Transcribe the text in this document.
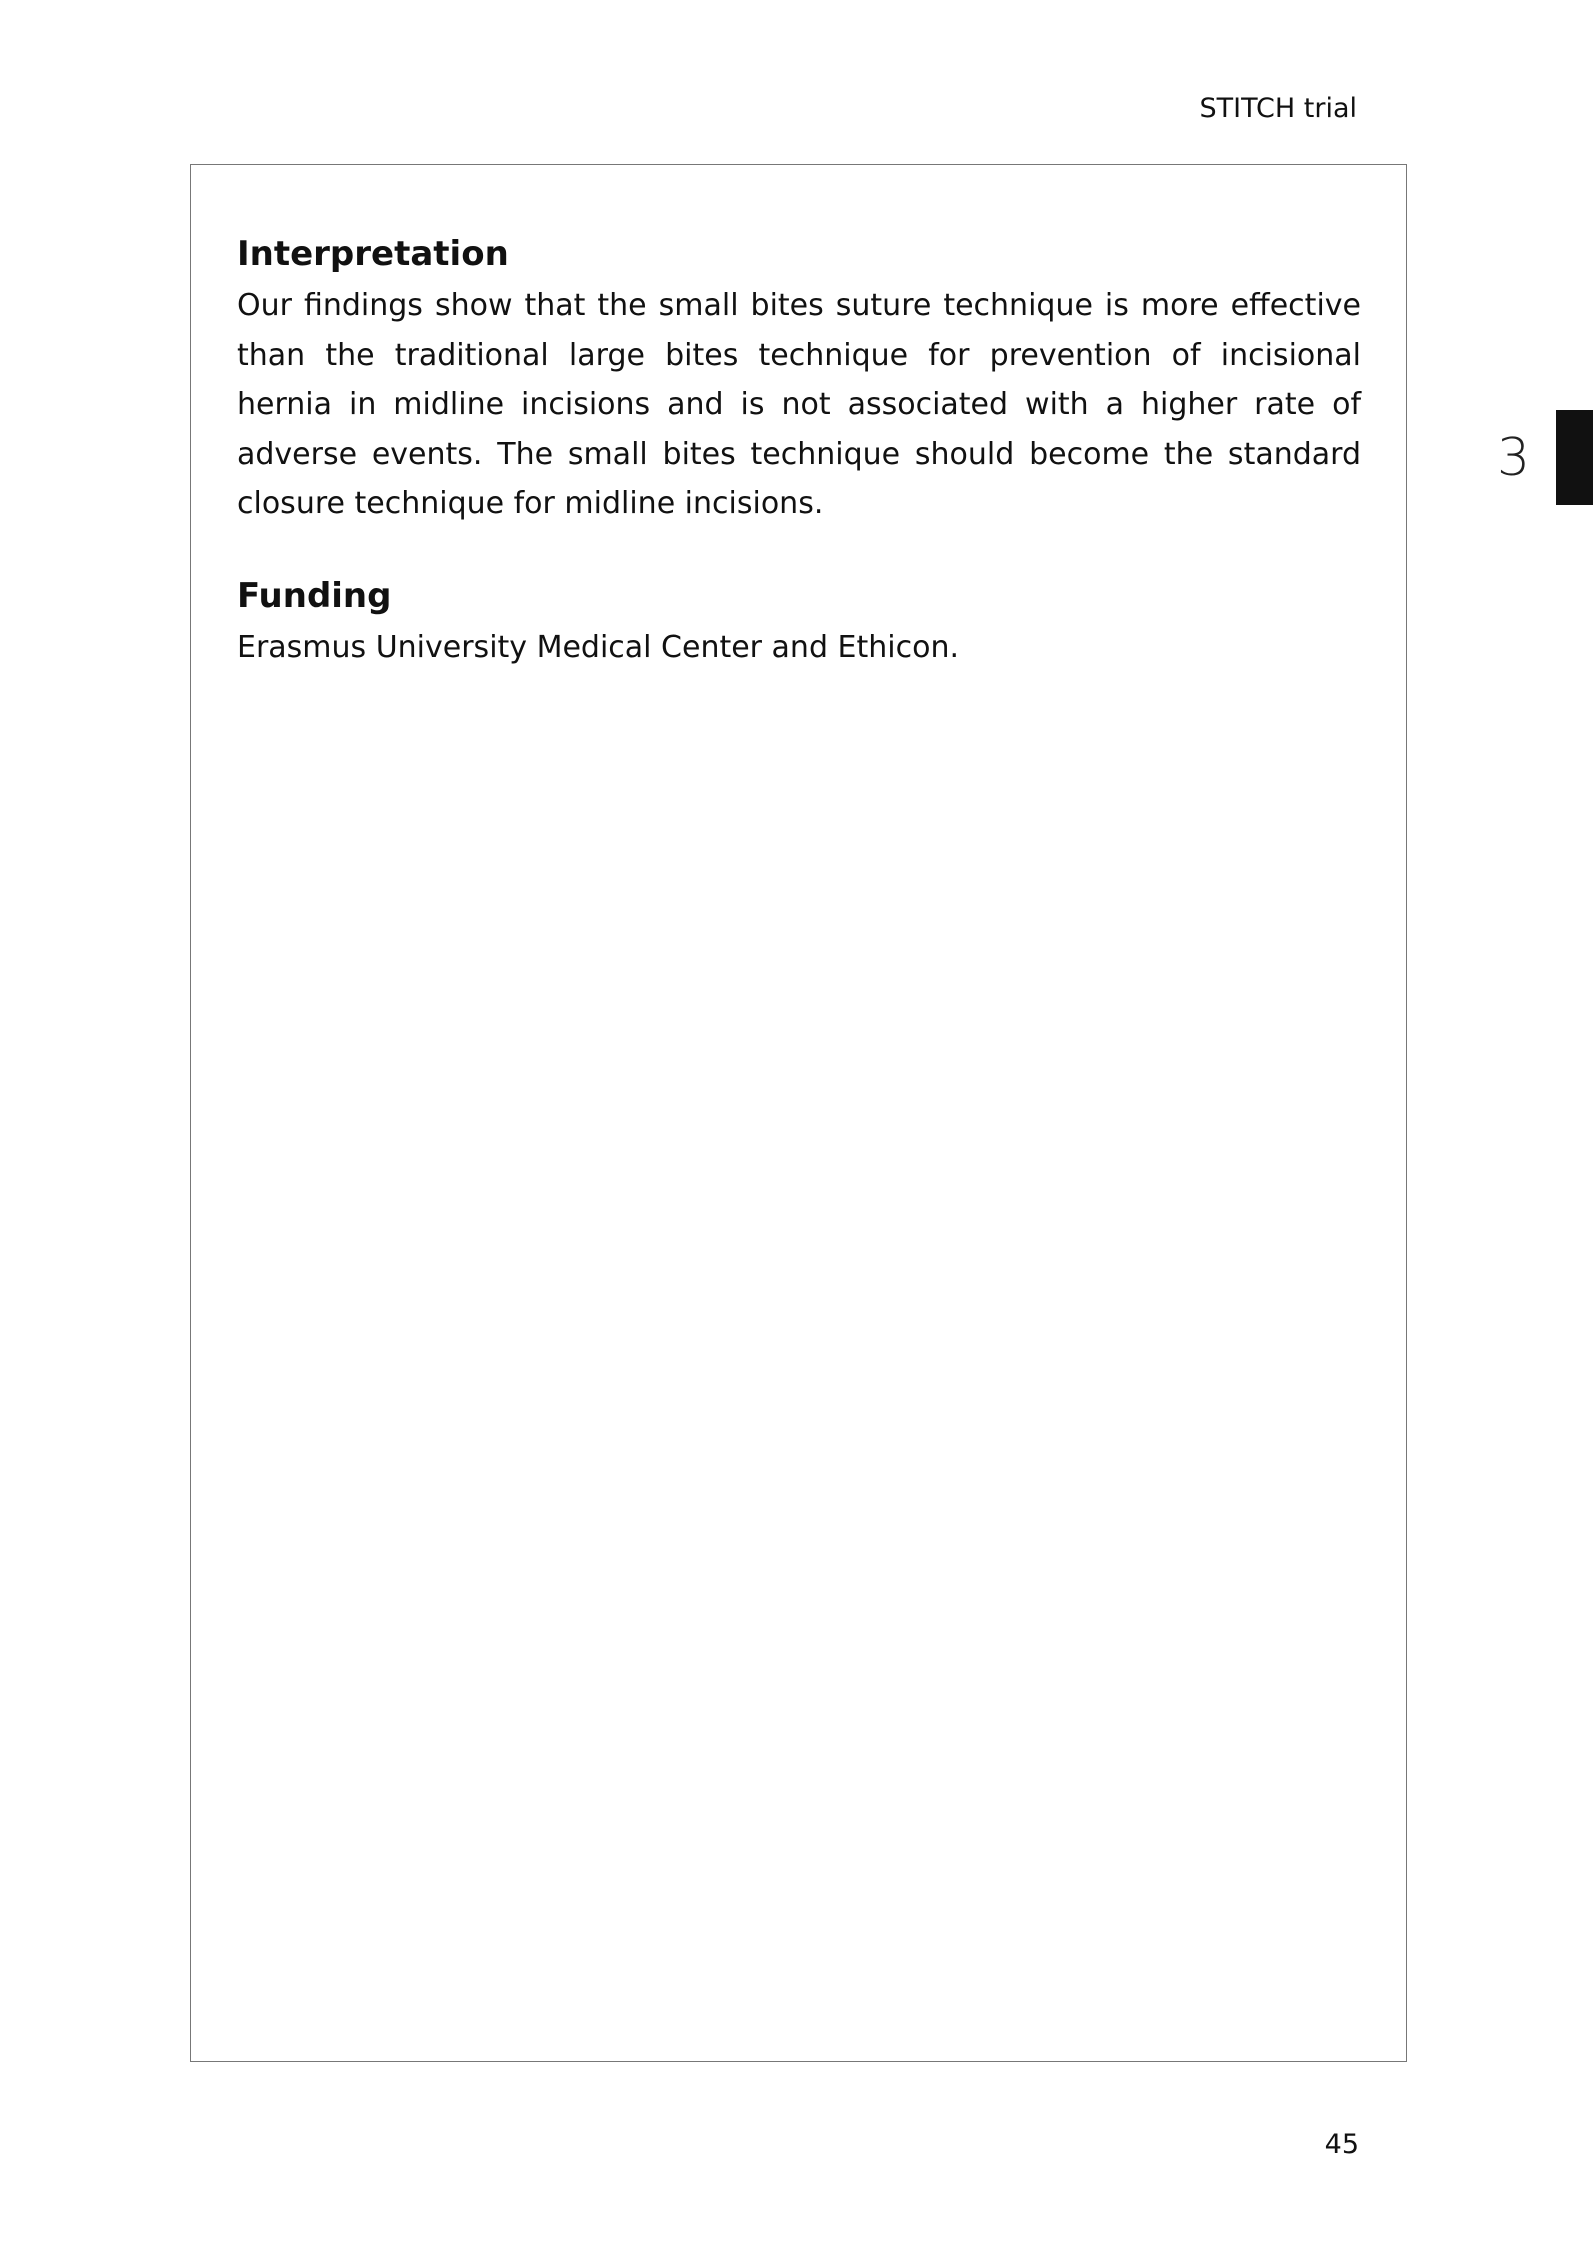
STITCH trial
Interpretation

Our findings show that the small bites suture technique is more effective than the traditional large bites technique for prevention of incisional hernia in midline incisions and is not associated with a higher rate of adverse events. The small bites technique should become the standard closure technique for midline incisions.

Funding

Erasmus University Medical Center and Ethicon.

3
45
